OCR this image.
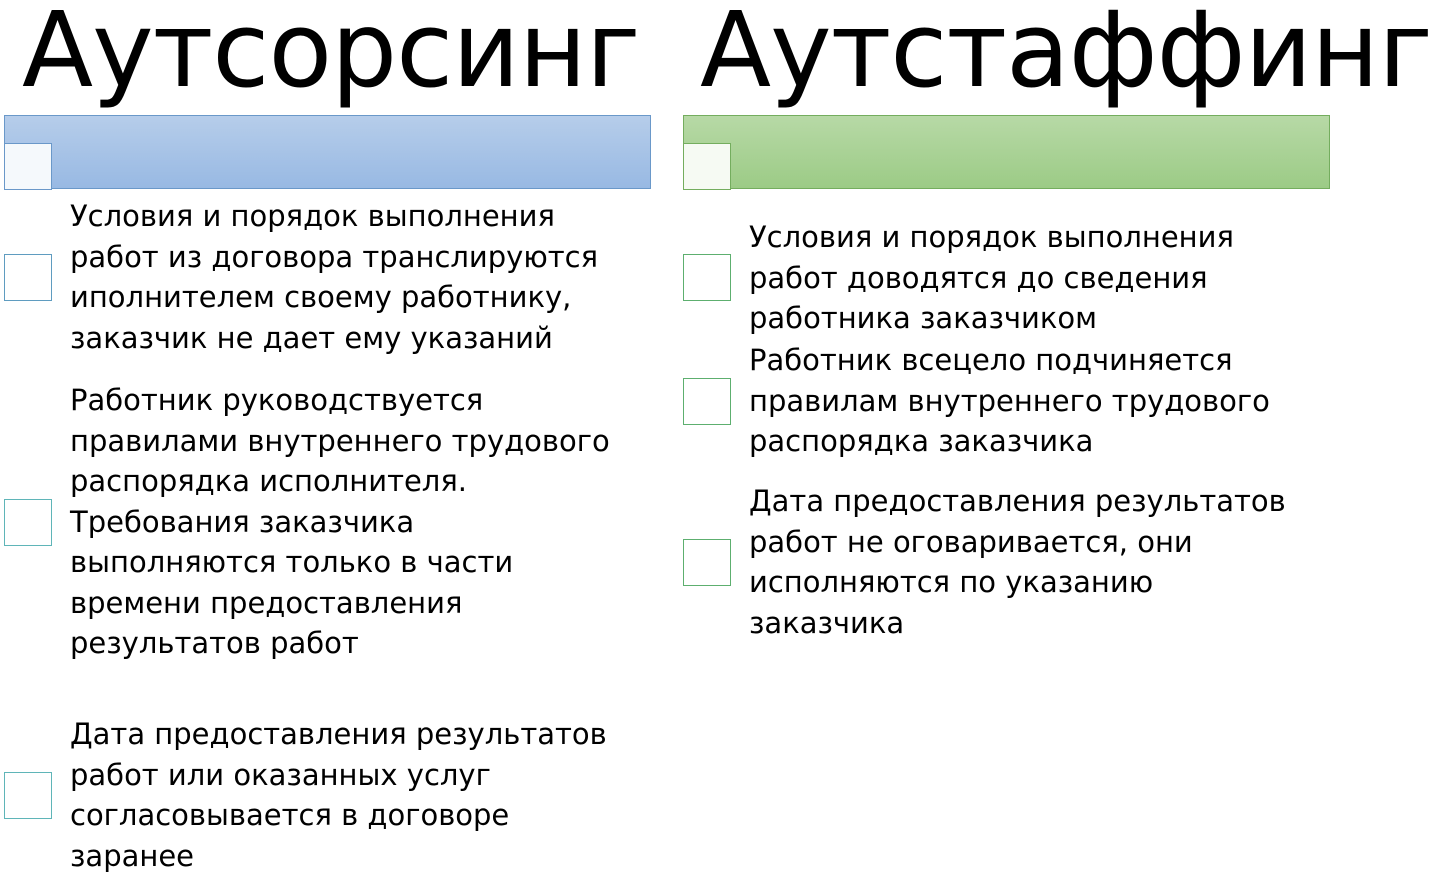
Аутсорсинг
Условия и порядок выполнения
работ из договора транслируются
иполнителем своему работнику,
заказчик не дает ему указаний
Работник руководствуется
правилами внутреннего трудового
распорядка исполнителя.
Требования заказчика
выполняются только в части
времени предоставления
результатов работ
Дата предоставления результатов
работ или оказанных услуг
согласовывается в договоре
заранее
Аутстаффинг
Условия и порядок выполнения
работ доводятся до сведения
работника заказчиком
Работник всецело подчиняется
правилам внутреннего трудового
распорядка заказчика
Дата предоставления результатов
работ не оговаривается, они
исполняются по указанию
заказчика
